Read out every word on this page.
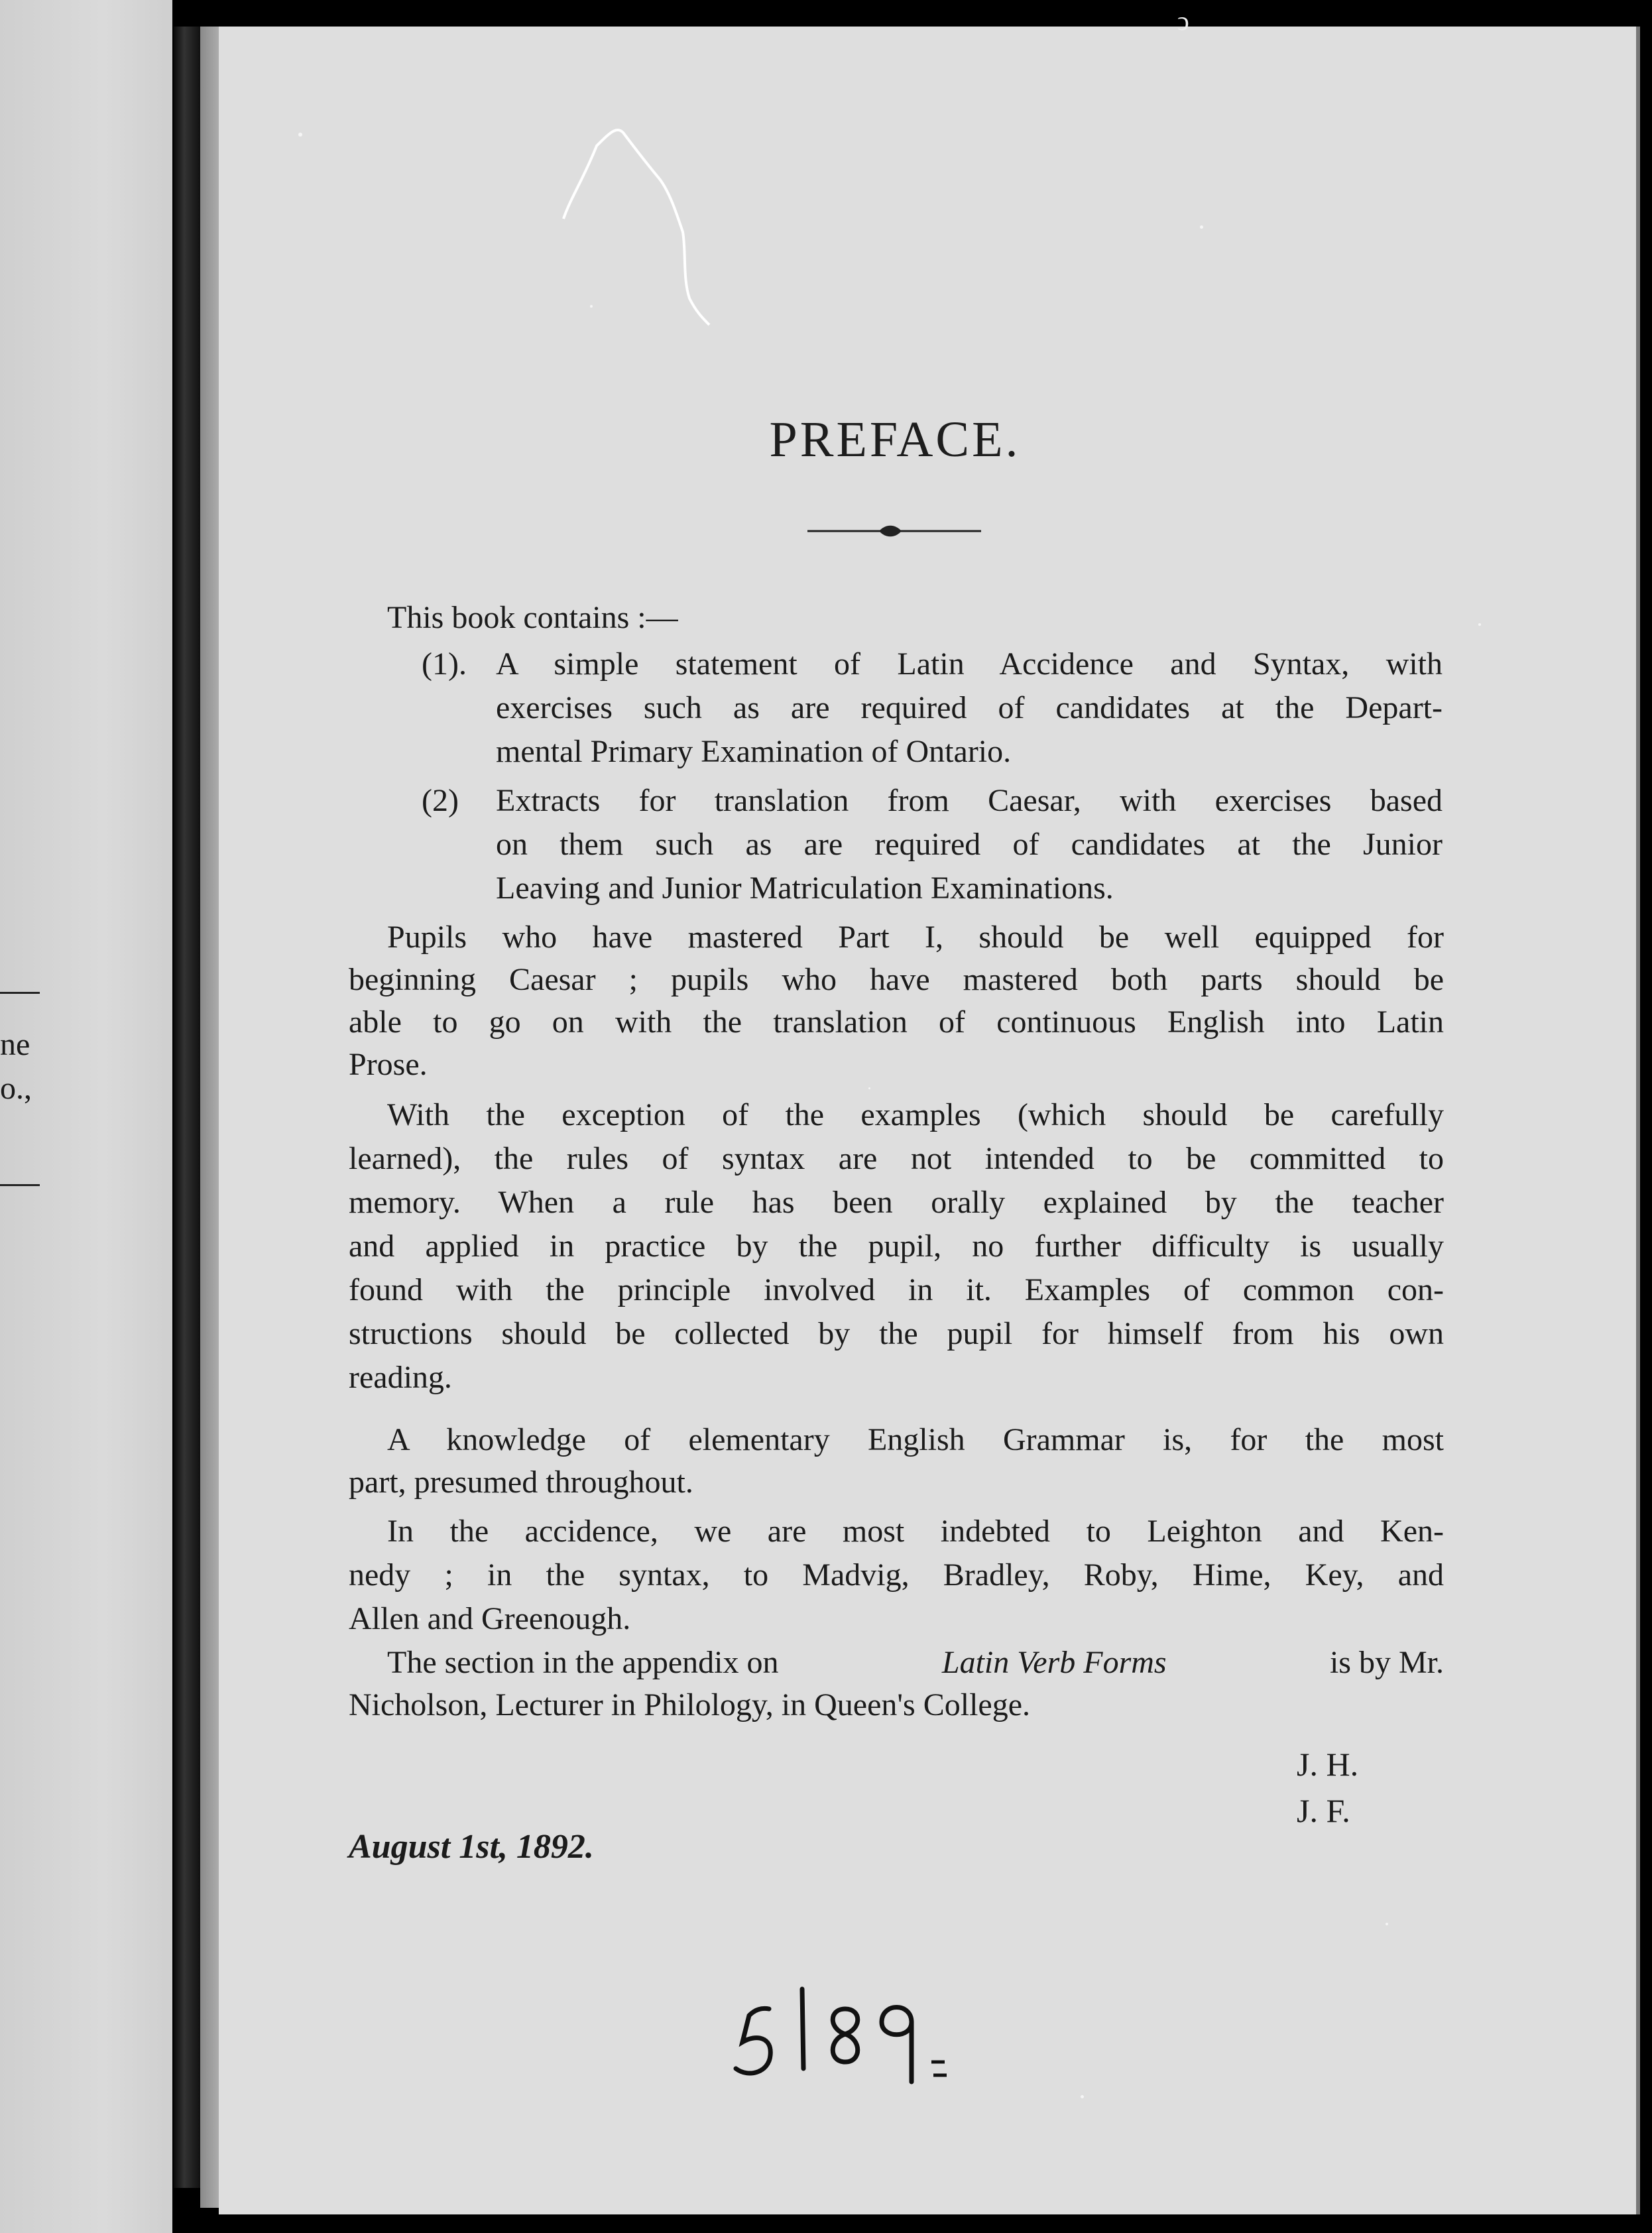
ne
o.,
ↄ
PREFACE.
This book contains :—
(1). A simple statement of Latin Accidence and Syntax, with
exercises such as are required of candidates at the Depart-
mental Primary Examination of Ontario.
(2) Extracts for translation from Caesar, with exercises based
on them such as are required of candidates at the Junior
Leaving and Junior Matriculation Examinations.
Pupils who have mastered Part I, should be well equipped for
beginning Caesar ; pupils who have mastered both parts should be
able to go on with the translation of continuous English into Latin
Prose.
With the exception of the examples (which should be carefully
learned), the rules of syntax are not intended to be committed to
memory. When a rule has been orally explained by the teacher
and applied in practice by the pupil, no further difficulty is usually
found with the principle involved in it. Examples of common con-
structions should be collected by the pupil for himself from his own
reading.
A knowledge of elementary English Grammar is, for the most
part, presumed throughout.
In the accidence, we are most indebted to Leighton and Ken-
nedy ; in the syntax, to Madvig, Bradley, Roby, Hime, Key, and
Allen and Greenough.
The section in the appendix on	Latin Verb Forms	is by Mr.
Nicholson, Lecturer in Philology, in Queen's College.
J. H.
J. F.
August 1st, 1892.
